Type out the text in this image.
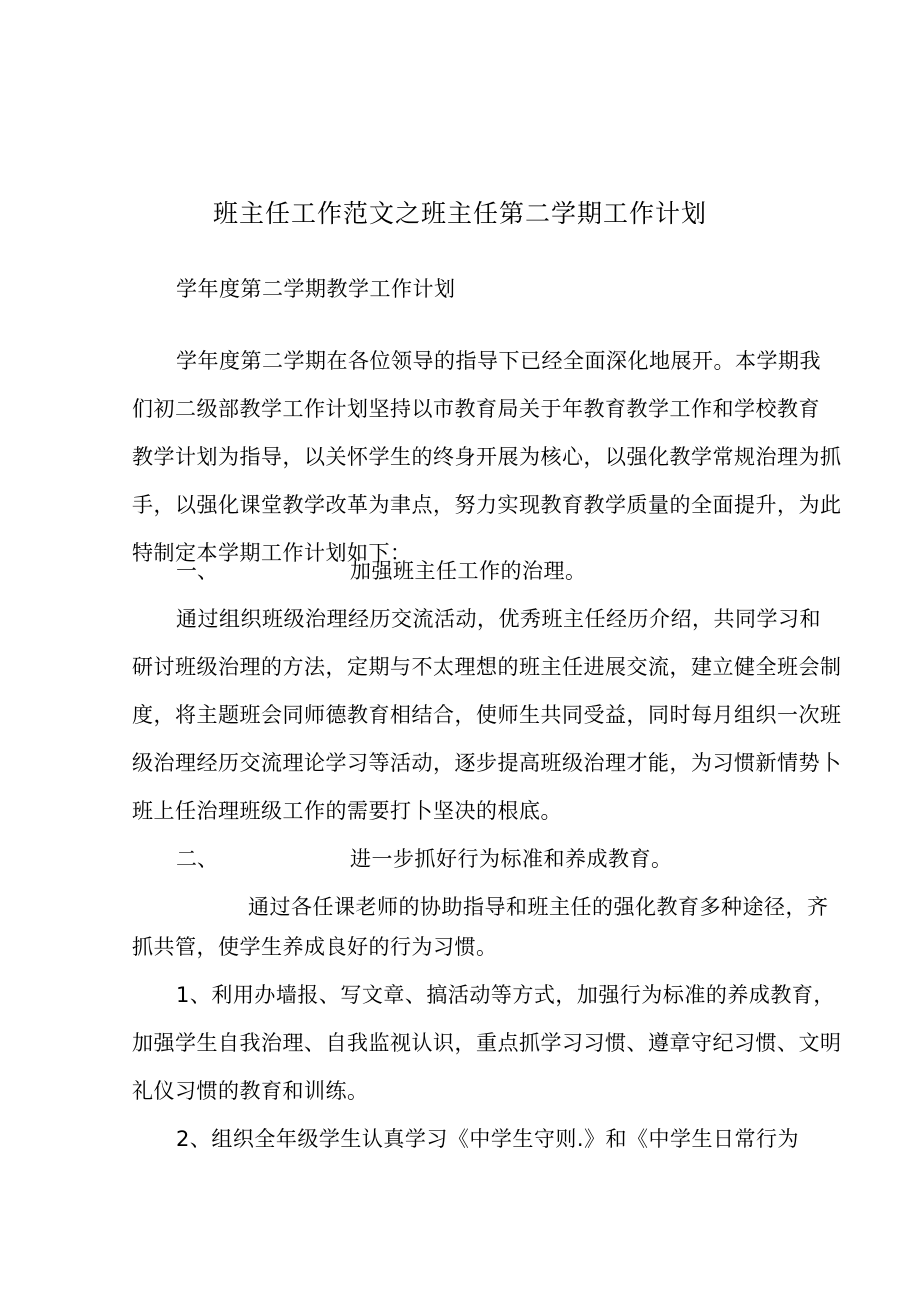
班主任工作范文之班主任第二学期工作计划
学年度第二学期教学工作计划
学年度第二学期在各位领导的指导下已经全面深化地展开。本学期我
们初二级部教学工作计划坚持以市教育局关于年教育教学工作和学校教育
教学计划为指导，以关怀学生的终身开展为核心，以强化教学常规治理为抓
手，以强化课堂教学改革为聿点，努力实现教育教学质量的全面提升，为此
特制定本学期工作计划如下：
一、	加强班主任工作的治理。
通过组织班级治理经历交流活动，优秀班主任经历介绍，共同学习和
研讨班级治理的方法，定期与不太理想的班主任进展交流，建立健全班会制
度，将主题班会同师德教育相结合，使师生共同受益，同时每月组织一次班
级治理经历交流理论学习等活动，逐步提高班级治理才能，为习惯新情势卜
班上任治理班级工作的需要打卜坚决的根底。
二、	进一步抓好行为标准和养成教育。
通过各任课老师的协助指导和班主任的强化教育多种途径，齐
抓共管，使学生养成良好的行为习惯。
1、利用办墙报、写文章、搞活动等方式，加强行为标准的养成教育，
加强学生自我治理、自我监视认识，重点抓学习习惯、遵章守纪习惯、文明
礼仪习惯的教育和训练。
2、组织全年级学生认真学习《中学生守则.》和《中学生日常行为
